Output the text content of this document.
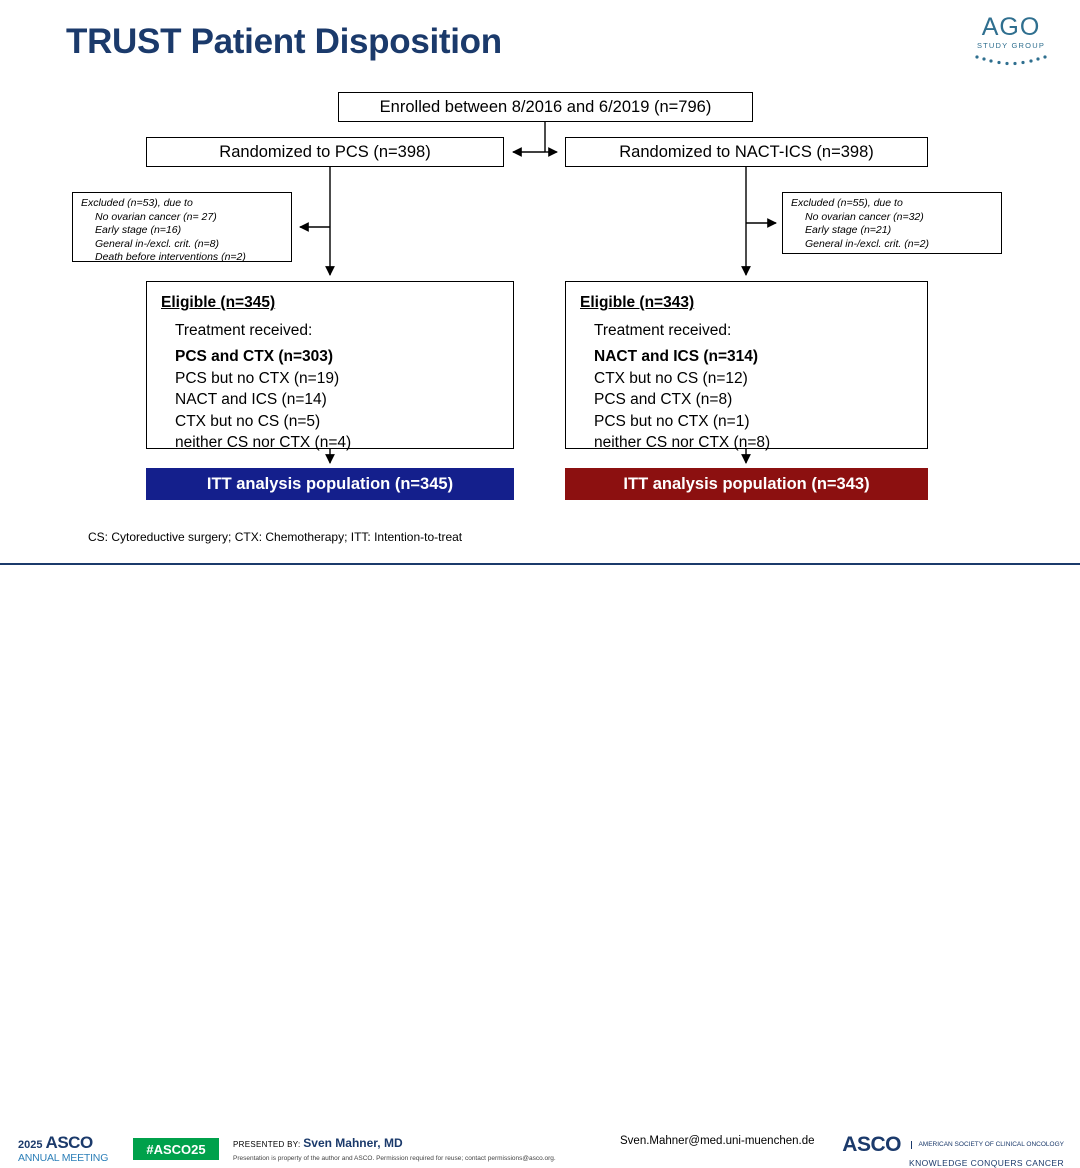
TRUST Patient Disposition	AGO
STUDY GROUP
Enrolled between 8/2016 and 6/2019 (n=796)
Randomized to PCS (n=398)	Randomized to NACT-ICS (n=398)
Excluded (n=53), due to
No ovarian cancer (n= 27)
Early stage (n=16)
General in-/excl. crit. (n=8)
Death before interventions (n=2)
Excluded (n=55), due to
No ovarian cancer (n=32)
Early stage (n=21)
General in-/excl. crit. (n=2)
Eligible (n=345)
Treatment received:
PCS and CTX (n=303)
PCS but no CTX (n=19)
NACT and ICS (n=14)
CTX but no CS (n=5)
neither CS nor CTX (n=4)
Eligible (n=343)
Treatment received:
NACT and ICS (n=314)
CTX but no CS (n=12)
PCS and CTX (n=8)
PCS but no CTX (n=1)
neither CS nor CTX (n=8)
ITT analysis population (n=345)	ITT analysis population (n=343)
CS: Cytoreductive surgery; CTX: Chemotherapy; ITT: Intention-to-treat
2025 ASCO
ANNUAL MEETING
#ASCO25	PRESENTED BY: Sven Mahner, MD
Presentation is property of the author and ASCO. Permission required for reuse; contact permissions@asco.org.
Sven.Mahner@med.uni-muenchen.de ASCO	AMERICAN SOCIETY OF CLINICAL ONCOLOGY
KNOWLEDGE CONQUERS CANCER
